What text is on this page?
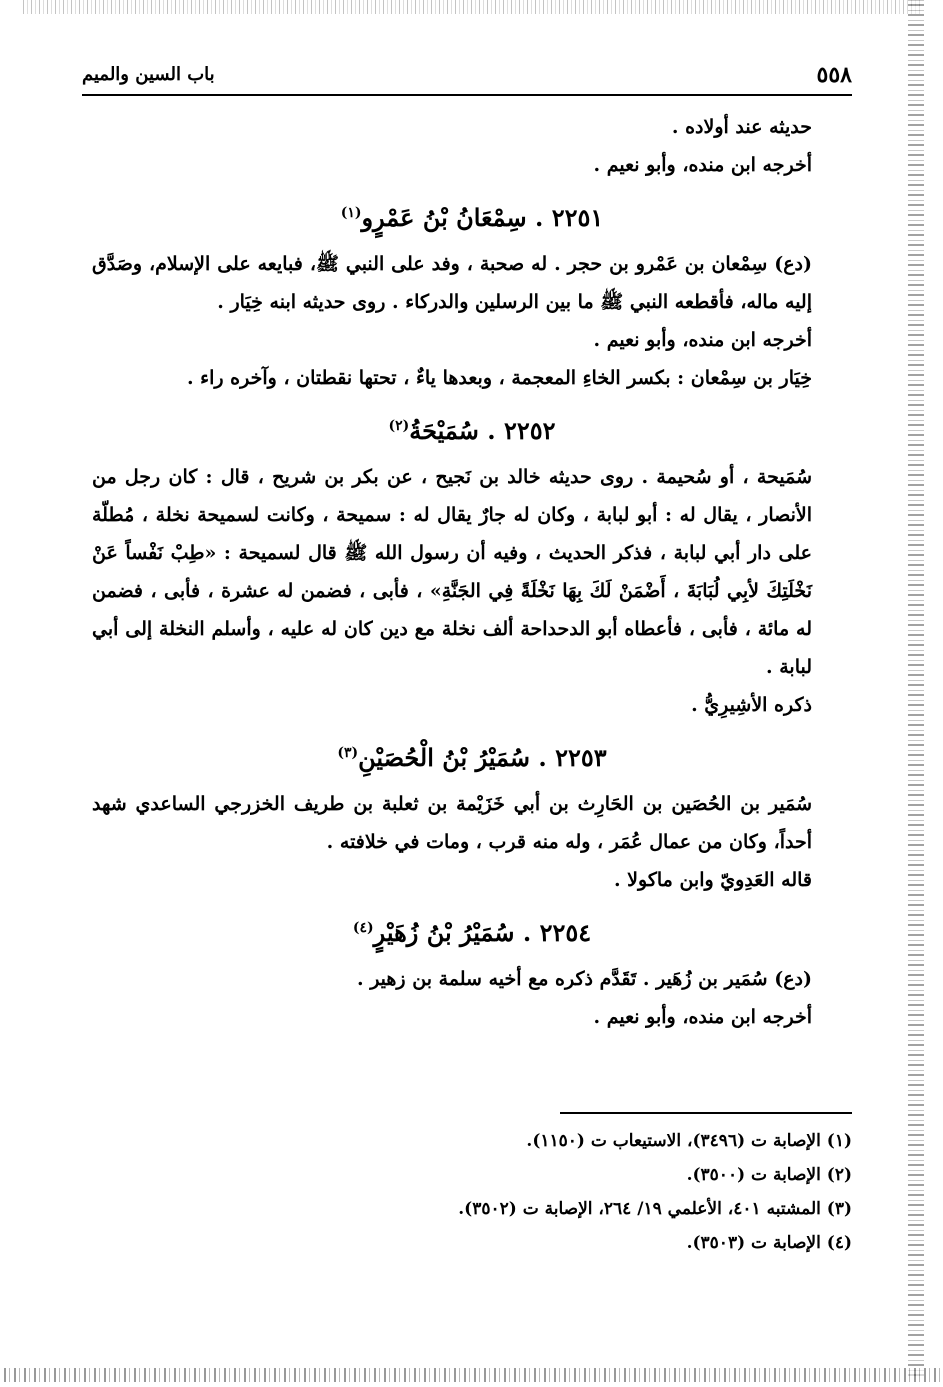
٥٥٨
باب السين والميم

حديثه عند أولاده .

أخرجه ابن منده، وأبو نعيم .

٢٢٥١ . سِمْعَانُ بْنُ عَمْرٍو$^{(١)}$

(دع) سِمْعان بن عَمْرو بن حجر . له صحبة ، وفد على النبي ﷺ، فبايعه على الإسلام، وصَدَّق إليه ماله، فأقطعه النبي ﷺ ما بين الرسلين والدركاء . روى حديثه ابنه خِيَار .

أخرجه ابن منده، وأبو نعيم .

خِيَار بن سِمْعان : بكسر الخاءِ المعجمة ، وبعدها ياءٌ ، تحتها نقطتان ، وآخره راء .

٢٢٥٢ . سُمَيْحَةُ$^{(٢)}$

سُمَيحة ، أو سُحيمة . روى حديثه خالد بن نَجيح ، عن بكر بن شريح ، قال : كان رجل من الأنصار ، يقال له : أبو لبابة ، وكان له جارٌ يقال له : سميحة ، وكانت لسميحة نخلة ، مُطلّة على دار أبي لبابة ، فذكر الحديث ، وفيه أن رسول الله ﷺ قال لسميحة : «طِبْ نَفْساً عَنْ نَخْلَتِكَ لأبِي لُبَابَةَ ، أَضْمَنْ لَكَ بِهَا نَخْلَةً فِي الجَنَّةِ» ، فأبى ، فضمن له عشرة ، فأبى ، فضمن له مائة ، فأبى ، فأعطاه أبو الدحداحة ألف نخلة مع دين كان له عليه ، وأسلم النخلة إلى أبي لبابة .

ذكره الأشِيرِيُّ .

٢٢٥٣ . سُمَيْرُ بْنُ الْحُصَيْنِ$^{(٣)}$

سُمَير بن الحُصَين بن الحَارِث بن أبي خَزَيْمة بن ثعلبة بن طريف الخزرجي الساعدي شهد أحداً، وكان من عمال عُمَر ، وله منه قرب ، ومات في خلافته .

قاله العَدِويّ وابن ماكولا .

٢٢٥٤ . سُمَيْرُ بْنُ زُهَيْرٍ$^{(٤)}$

(دع) سُمَير بن زُهَير . تَقَدَّم ذكره مع أخيه سلمة بن زهير .

أخرجه ابن منده، وأبو نعيم .

(١) الإصابة ت (٣٤٩٦)، الاستيعاب ت (١١٥٠).

(٢) الإصابة ت (٣٥٠٠).

(٣) المشتبه ٤٠١، الأعلمي ١٩/ ٢٦٤، الإصابة ت (٣٥٠٢).

(٤) الإصابة ت (٣٥٠٣).
